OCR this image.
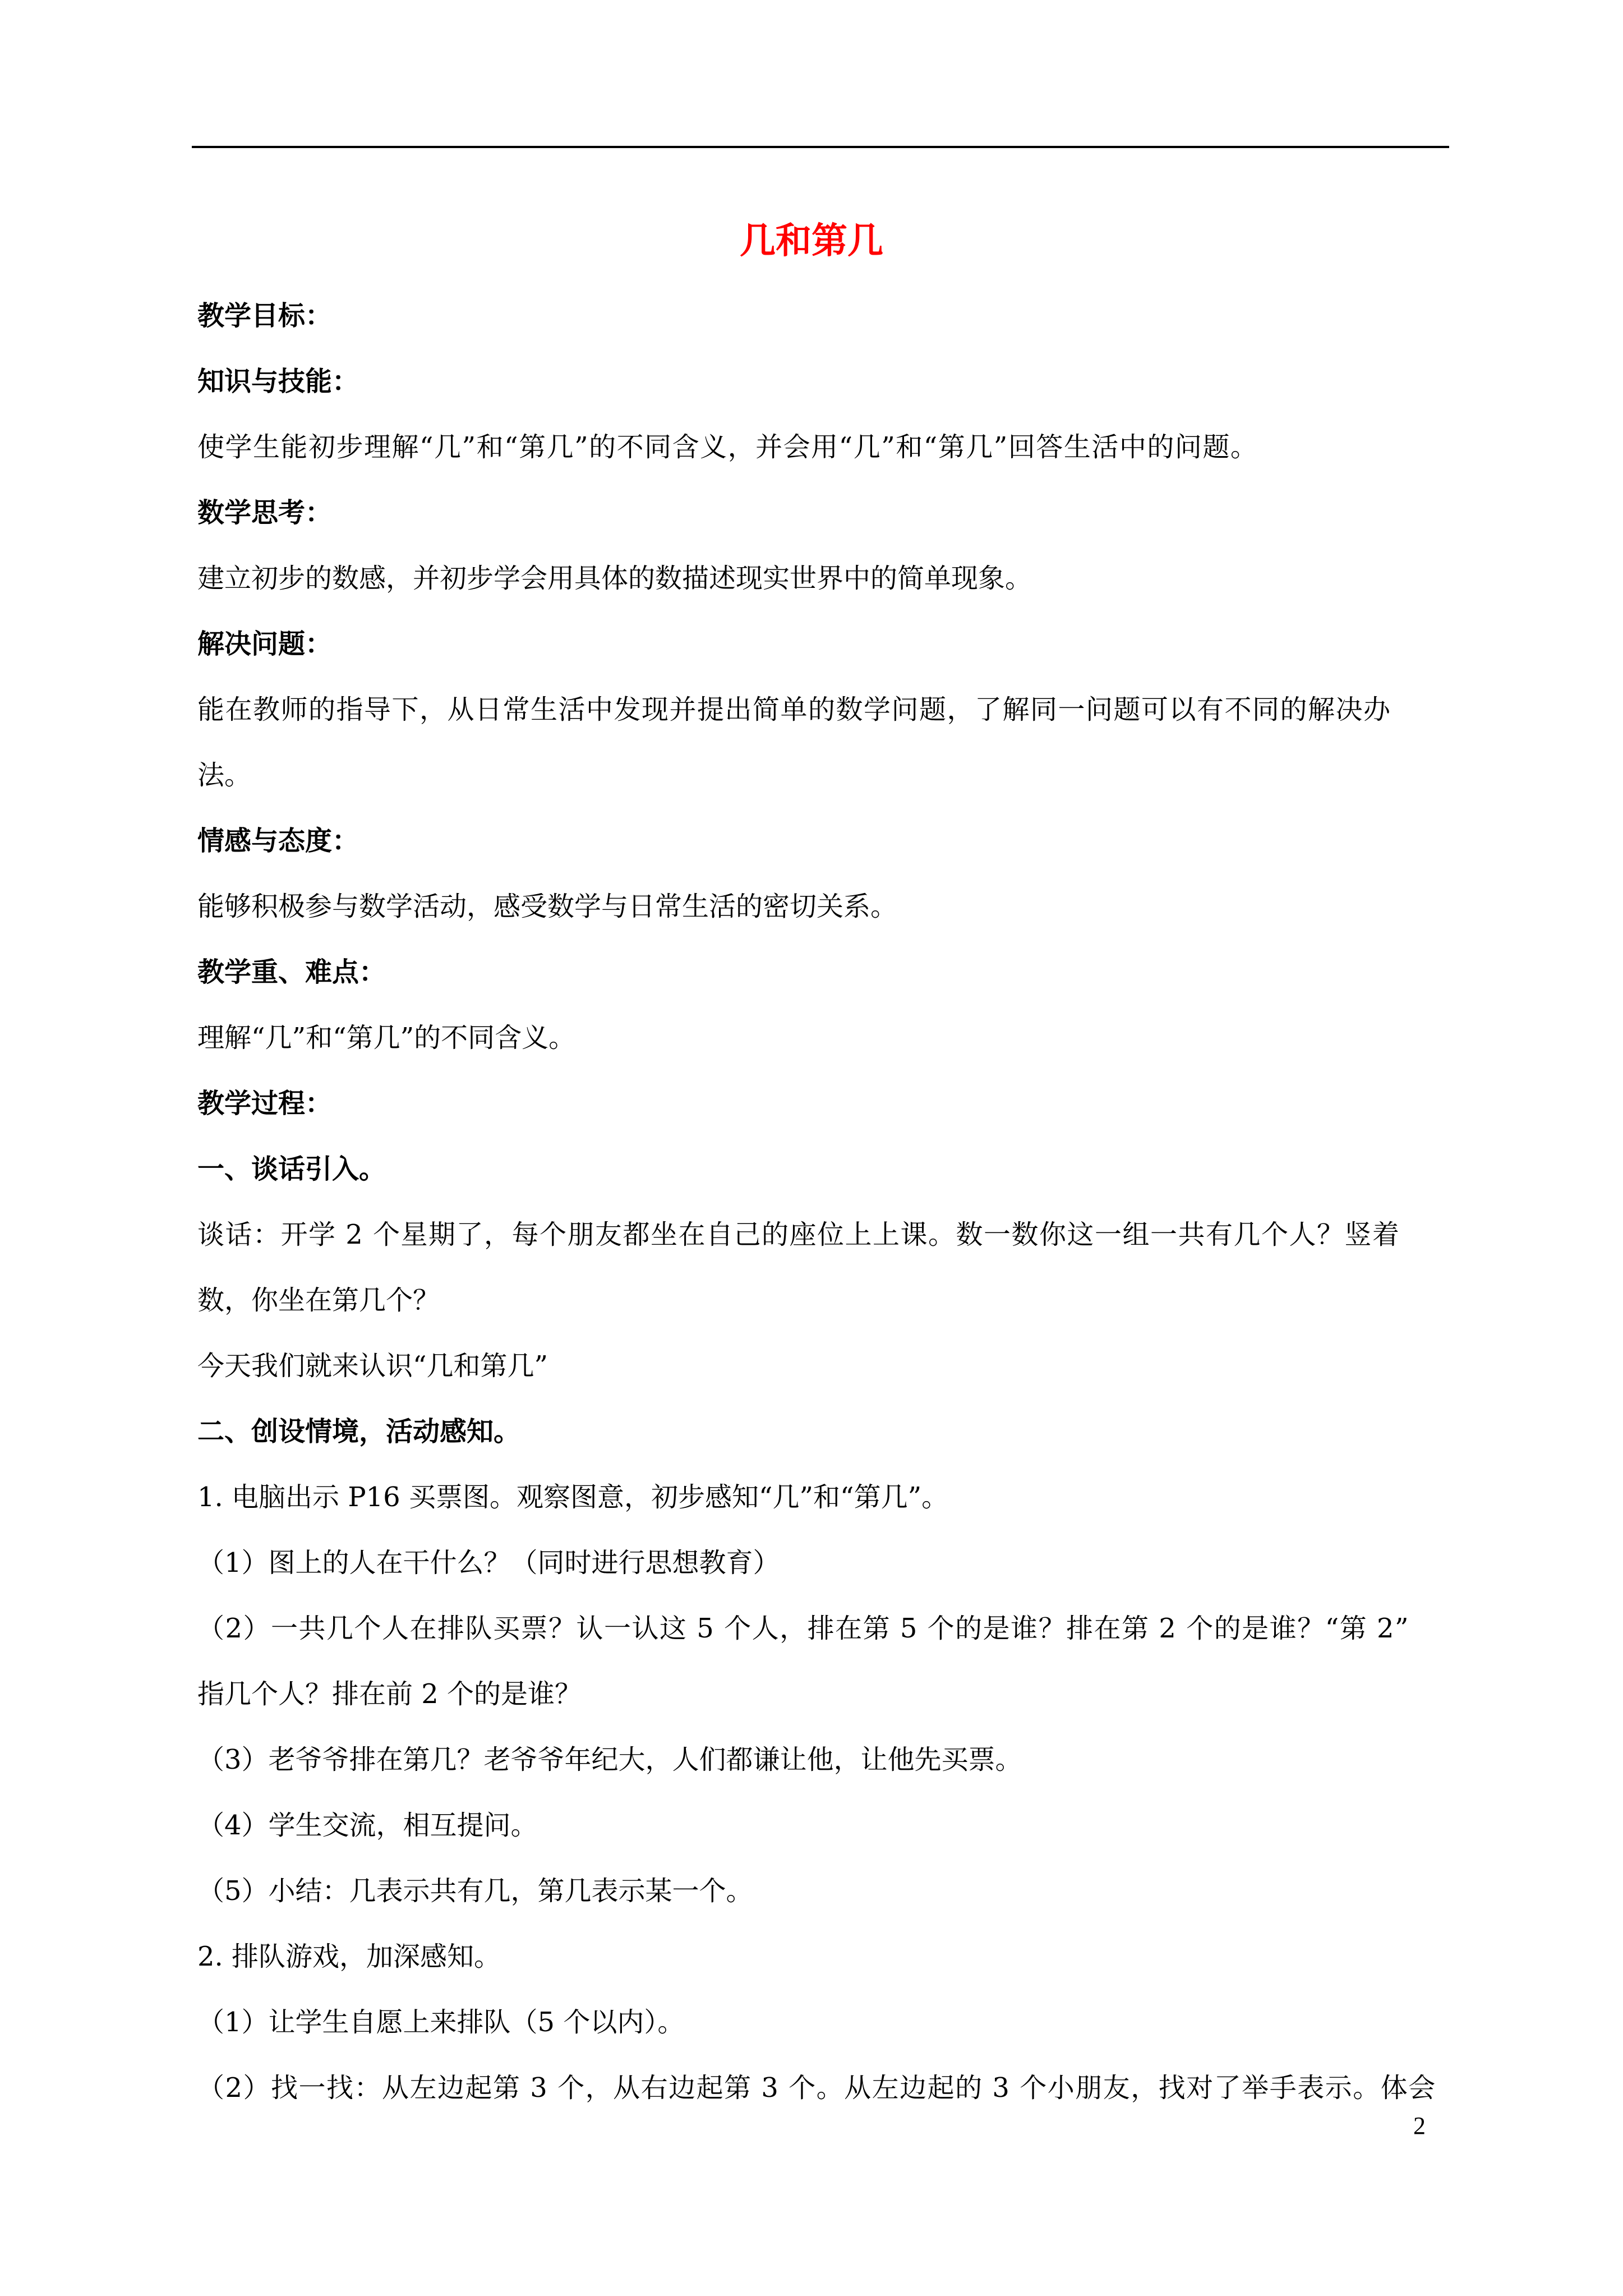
几和第几

教学目标：

知识与技能：

使学生能初步理解“几”和“第几”的不同含义，并会用“几”和“第几”回答生活中的问题。

数学思考：

建立初步的数感，并初步学会用具体的数描述现实世界中的简单现象。

解决问题：

能在教师的指导下，从日常生活中发现并提出简单的数学问题，了解同一问题可以有不同的解决办

法。

情感与态度：

能够积极参与数学活动，感受数学与日常生活的密切关系。

教学重、难点：

理解“几”和“第几”的不同含义。

教学过程：

一、谈话引入。

谈话：开学 2 个星期了，每个朋友都坐在自己的座位上上课。数一数你这一组一共有几个人？竖着

数，你坐在第几个？

今天我们就来认识“几和第几”

二、创设情境，活动感知。

1. 电脑出示 P16 买票图。观察图意，初步感知“几”和“第几”。

（1）图上的人在干什么？（同时进行思想教育）

（2）一共几个人在排队买票？认一认这 5 个人，排在第 5 个的是谁？排在第 2 个的是谁？“第 2”

指几个人？排在前 2 个的是谁？

（3）老爷爷排在第几？老爷爷年纪大，人们都谦让他，让他先买票。

（4）学生交流，相互提问。

（5）小结：几表示共有几，第几表示某一个。

2. 排队游戏，加深感知。

（1）让学生自愿上来排队（5 个以内）。

（2）找一找：从左边起第 3 个，从右边起第 3 个。从左边起的 3 个小朋友，找对了举手表示。体会

2
